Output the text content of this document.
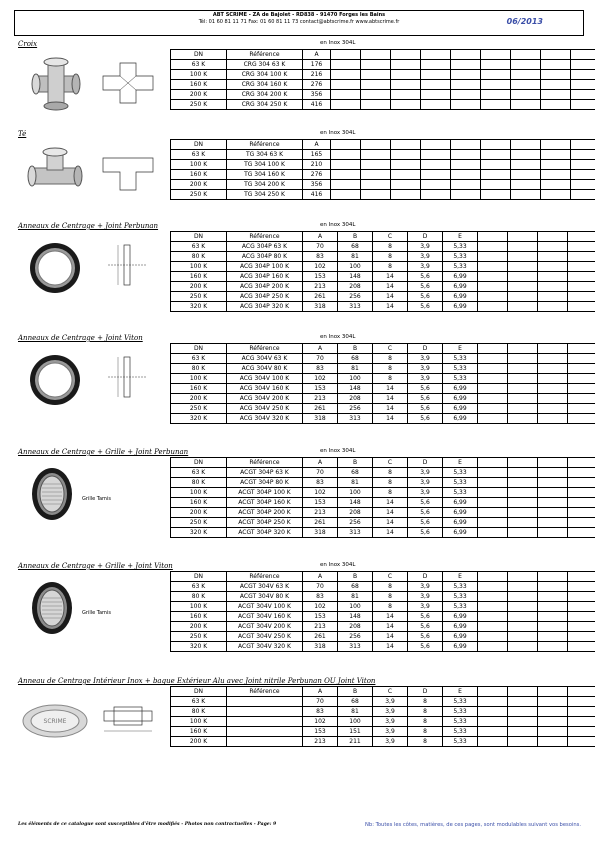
ABT SCRIME - ZA de Bajolet - RD838 - 91470 Forges les Bains
Tél: 01 60 81 11 71 Fax: 01 60 81 11 73 contact@abtscrime.fr www.abtscrime.fr	06/2013
Croix	en Inox 304L
DN	Référence	A									
63 K	CRG 304 63 K	176									
100 K	CRG 304 100 K	216									
160 K	CRG 304 160 K	276									
200 K	CRG 304 200 K	356									
250 K	CRG 304 250 K	416									
Té	en Inox 304L
DN	Référence	A									
63 K	TG 304 63 K	165									
100 K	TG 304 100 K	210									
160 K	TG 304 160 K	276									
200 K	TG 304 200 K	356									
250 K	TG 304 250 K	416									
Anneaux de Centrage + Joint Perbunan	en Inox 304L
DN	Référence	A	B	C	D	E					
63 K	ACG 304P 63 K	70	68	8	3,9	5,33					
80 K	ACG 304P 80 K	83	81	8	3,9	5,33					
100 K	ACG 304P 100 K	102	100	8	3,9	5,33					
160 K	ACG 304P 160 K	153	148	14	5,6	6,99					
200 K	ACG 304P 200 K	213	208	14	5,6	6,99					
250 K	ACG 304P 250 K	261	256	14	5,6	6,99					
320 K	ACG 304P 320 K	318	313	14	5,6	6,99					
Anneaux de Centrage + Joint Viton	en Inox 304L
DN	Référence	A	B	C	D	E					
63 K	ACG 304V 63 K	70	68	8	3,9	5,33					
80 K	ACG 304V 80 K	83	81	8	3,9	5,33					
100 K	ACG 304V 100 K	102	100	8	3,9	5,33					
160 K	ACG 304V 160 K	153	148	14	5,6	6,99					
200 K	ACG 304V 200 K	213	208	14	5,6	6,99					
250 K	ACG 304V 250 K	261	256	14	5,6	6,99					
320 K	ACG 304V 320 K	318	313	14	5,6	6,99					
Anneaux de Centrage + Grille + Joint Perbunan	en Inox 304L
Grille Tamis
DN	Référence	A	B	C	D	E					
63 K	ACGT 304P 63 K	70	68	8	3,9	5,33					
80 K	ACGT 304P 80 K	83	81	8	3,9	5,33					
100 K	ACGT 304P 100 K	102	100	8	3,9	5,33					
160 K	ACGT 304P 160 K	153	148	14	5,6	6,99					
200 K	ACGT 304P 200 K	213	208	14	5,6	6,99					
250 K	ACGT 304P 250 K	261	256	14	5,6	6,99					
320 K	ACGT 304P 320 K	318	313	14	5,6	6,99					
Anneaux de Centrage + Grille + Joint Viton	en Inox 304L
Grille Tamis
DN	Référence	A	B	C	D	E					
63 K	ACGT 304V 63 K	70	68	8	3,9	5,33					
80 K	ACGT 304V 80 K	83	81	8	3,9	5,33					
100 K	ACGT 304V 100 K	102	100	8	3,9	5,33					
160 K	ACGT 304V 160 K	153	148	14	5,6	6,99					
200 K	ACGT 304V 200 K	213	208	14	5,6	6,99					
250 K	ACGT 304V 250 K	261	256	14	5,6	6,99					
320 K	ACGT 304V 320 K	318	313	14	5,6	6,99					
Anneau de Centrage Intérieur Inox + baque Extérieur Alu avec Joint nitrile Perbunan OU Joint Viton
SCRIME
DN	Référence	A	B	C	D	E					
63 K		70	68	3,9	8	5,33					
80 K		83	81	3,9	8	5,33					
100 K		102	100	3,9	8	5,33					
160 K		153	151	3,9	8	5,33					
200 K		213	211	3,9	8	5,33					
Les éléments de ce catalogue sont susceptibles d'être modifiés - Photos non contractuelles - Page: 9	Nb: Toutes les côtes, matières, de ces pages, sont modulables suivant vos besoins.
